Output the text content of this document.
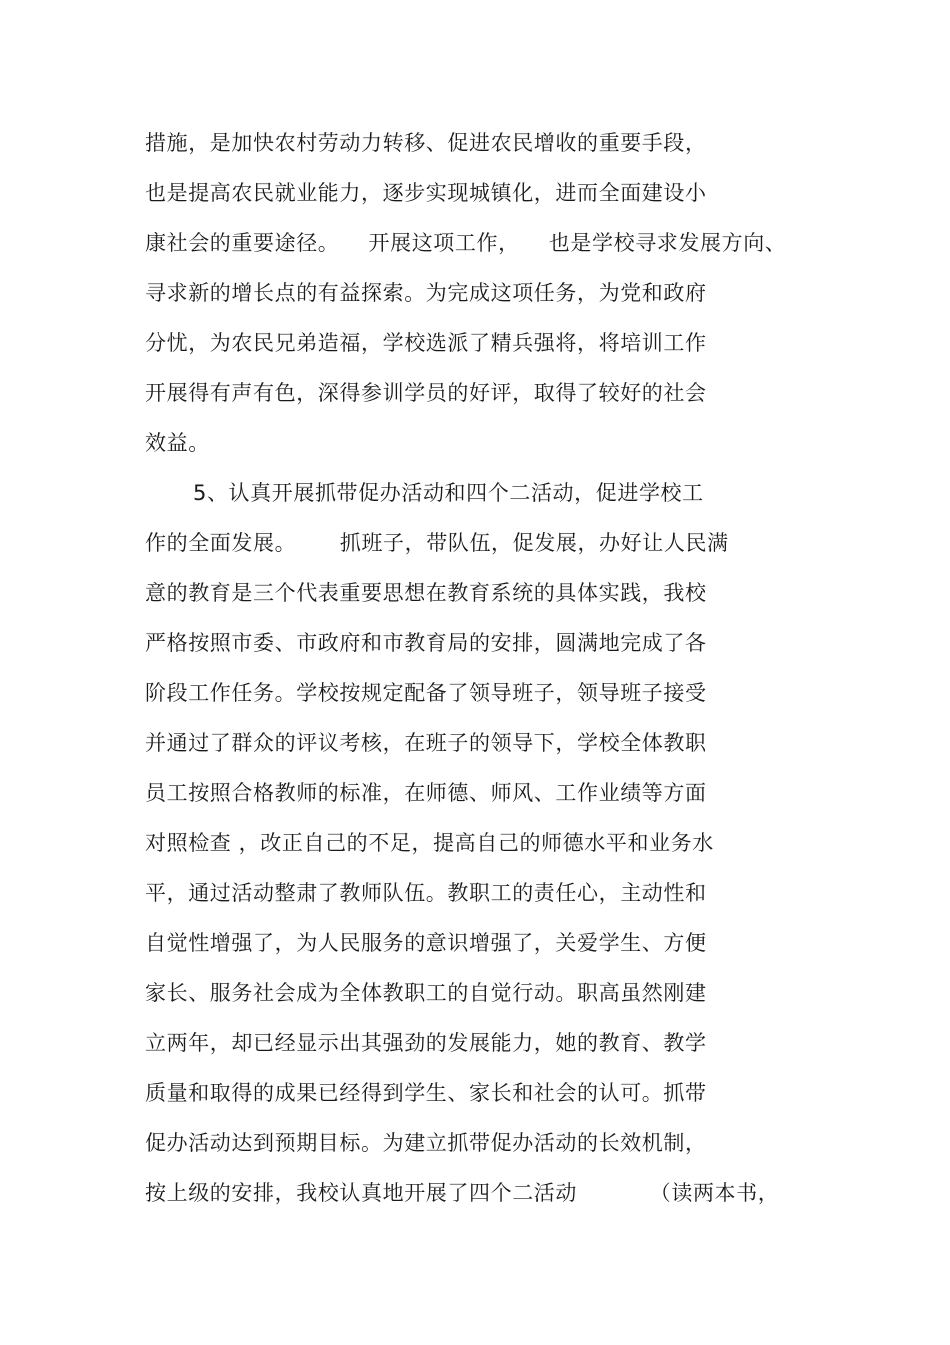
措施，是加快农村劳动力转移、促进农民增收的重要手段，
也是提高农民就业能力，逐步实现城镇化，进而全面建设小
康社会的重要途径。    开展这项工作，    也是学校寻求发展方向、
寻求新的增长点的有益探索。为完成这项任务，为党和政府
分忧，为农民兄弟造福，学校选派了精兵强将，将培训工作
开展得有声有色，深得参训学员的好评，取得了较好的社会
效益。
5、认真开展抓带促办活动和四个二活动，促进学校工
作的全面发展。      抓班子，带队伍，促发展，办好让人民满
意的教育是三个代表重要思想在教育系统的具体实践，我校
严格按照市委、市政府和市教育局的安排，圆满地完成了各
阶段工作任务。学校按规定配备了领导班子，领导班子接受
并通过了群众的评议考核，在班子的领导下，学校全体教职
员工按照合格教师的标准，在师德、师风、工作业绩等方面
对照检查 ，改正自己的不足，提高自己的师德水平和业务水
平，通过活动整肃了教师队伍。教职工的责任心，主动性和
自觉性增强了，为人民服务的意识增强了，关爱学生、方便
家长、服务社会成为全体教职工的自觉行动。职高虽然刚建
立两年，却已经显示出其强劲的发展能力，她的教育、教学
质量和取得的成果已经得到学生、家长和社会的认可。抓带
促办活动达到预期目标。为建立抓带促办活动的长效机制，
按上级的安排，我校认真地开展了四个二活动          （读两本书，
